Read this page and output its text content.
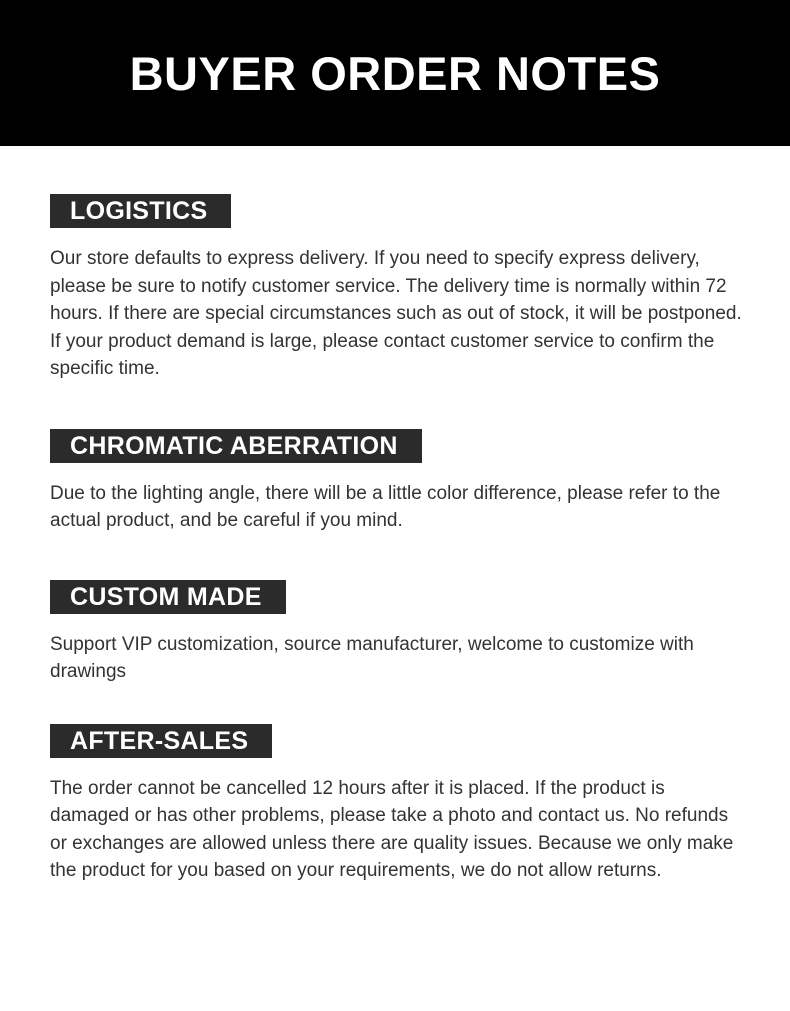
BUYER ORDER NOTES
LOGISTICS

Our store defaults to express delivery. If you need to specify express delivery, please be sure to notify customer service. The delivery time is normally within 72 hours. If there are special circumstances such as out of stock, it will be postponed. If your product demand is large, please contact customer service to confirm the specific time.

CHROMATIC ABERRATION

Due to the lighting angle, there will be a little color difference, please refer to the actual product, and be careful if you mind.

CUSTOM MADE

Support VIP customization, source manufacturer, welcome to customize with drawings

AFTER-SALES

The order cannot be cancelled 12 hours after it is placed. If the product is damaged or has other problems, please take a photo and contact us. No refunds or exchanges are allowed unless there are quality issues. Because we only make the product for you based on your requirements, we do not allow returns.
